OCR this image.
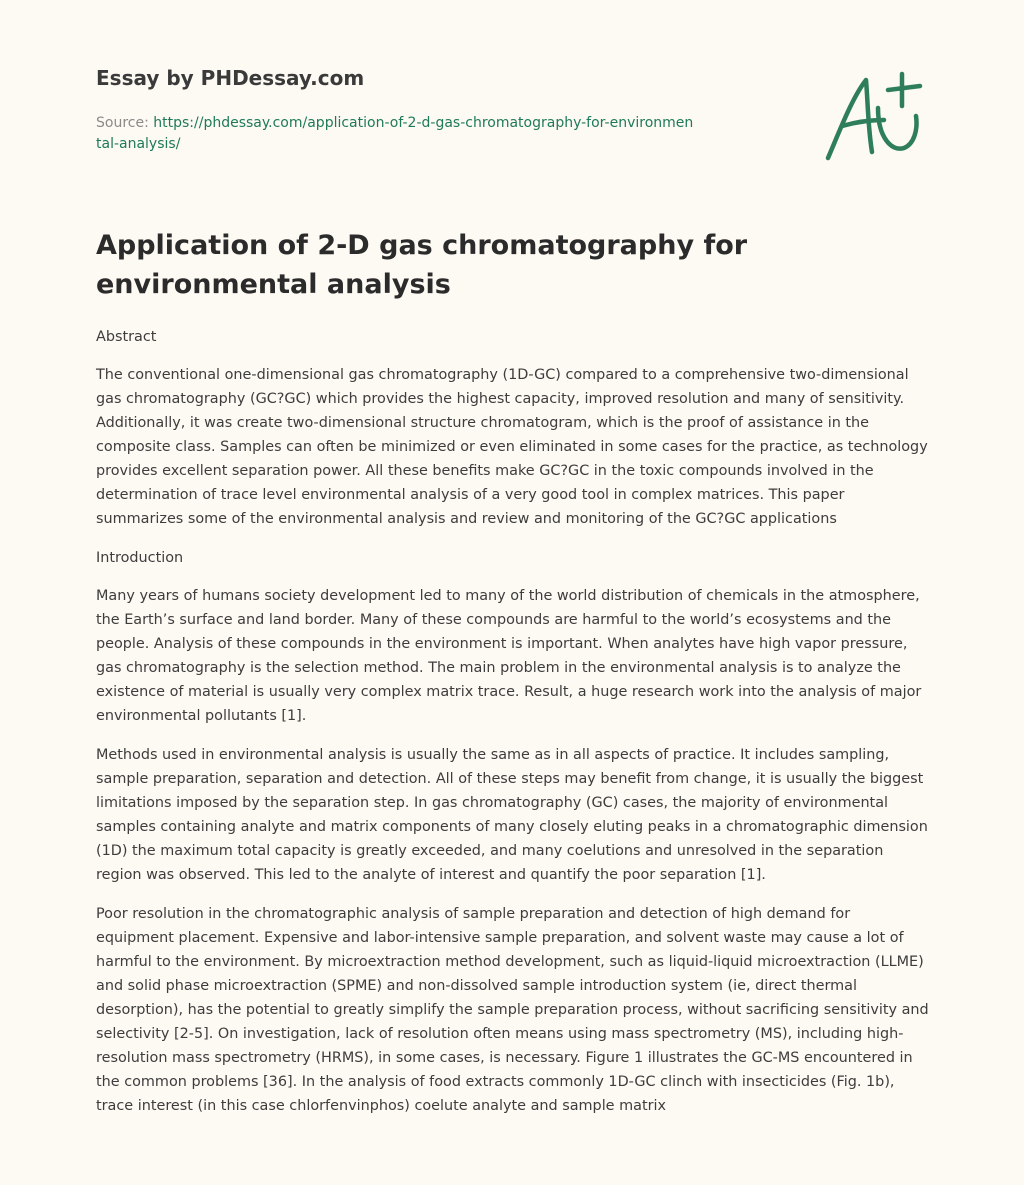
Essay by PHDessay.com
Source: https://phdessay.com/application-of-2-d-gas-chromatography-for-environmental-analysis/
Application of 2-D gas chromatography for environmental analysis

Abstract

The conventional one-dimensional gas chromatography (1D-GC) compared to a comprehensive two-dimensional gas chromatography (GC?GC) which provides the highest capacity, improved resolution and many of sensitivity. Additionally, it was create two-dimensional structure chromatogram, which is the proof of assistance in the composite class. Samples can often be minimized or even eliminated in some cases for the practice, as technology provides excellent separation power. All these benefits make GC?GC in the toxic compounds involved in the determination of trace level environmental analysis of a very good tool in complex matrices. This paper summarizes some of the environmental analysis and review and monitoring of the GC?GC applications

Introduction

Many years of humans society development led to many of the world distribution of chemicals in the atmosphere, the Earth’s surface and land border. Many of these compounds are harmful to the world’s ecosystems and the people. Analysis of these compounds in the environment is important. When analytes have high vapor pressure, gas chromatography is the selection method. The main problem in the environmental analysis is to analyze the existence of material is usually very complex matrix trace. Result, a huge research work into the analysis of major environmental pollutants [1].

Methods used in environmental analysis is usually the same as in all aspects of practice. It includes sampling, sample preparation, separation and detection. All of these steps may benefit from change, it is usually the biggest limitations imposed by the separation step. In gas chromatography (GC) cases, the majority of environmental samples containing analyte and matrix components of many closely eluting peaks in a chromatographic dimension (1D) the maximum total capacity is greatly exceeded, and many coelutions and unresolved in the separation region was observed. This led to the analyte of interest and quantify the poor separation [1].

Poor resolution in the chromatographic analysis of sample preparation and detection of high demand for equipment placement. Expensive and labor-intensive sample preparation, and solvent waste may cause a lot of harmful to the environment. By microextraction method development, such as liquid-liquid microextraction (LLME) and solid phase microextraction (SPME) and non-dissolved sample introduction system (ie, direct thermal desorption), has the potential to greatly simplify the sample preparation process, without sacrificing sensitivity and selectivity [2-5]. On investigation, lack of resolution often means using mass spectrometry (MS), including high-resolution mass spectrometry (HRMS), in some cases, is necessary. Figure 1 illustrates the GC-MS encountered in the common problems [36]. In the analysis of food extracts commonly 1D-GC clinch with insecticides (Fig. 1b), trace interest (in this case chlorfenvinphos) coelute analyte and sample matrix
